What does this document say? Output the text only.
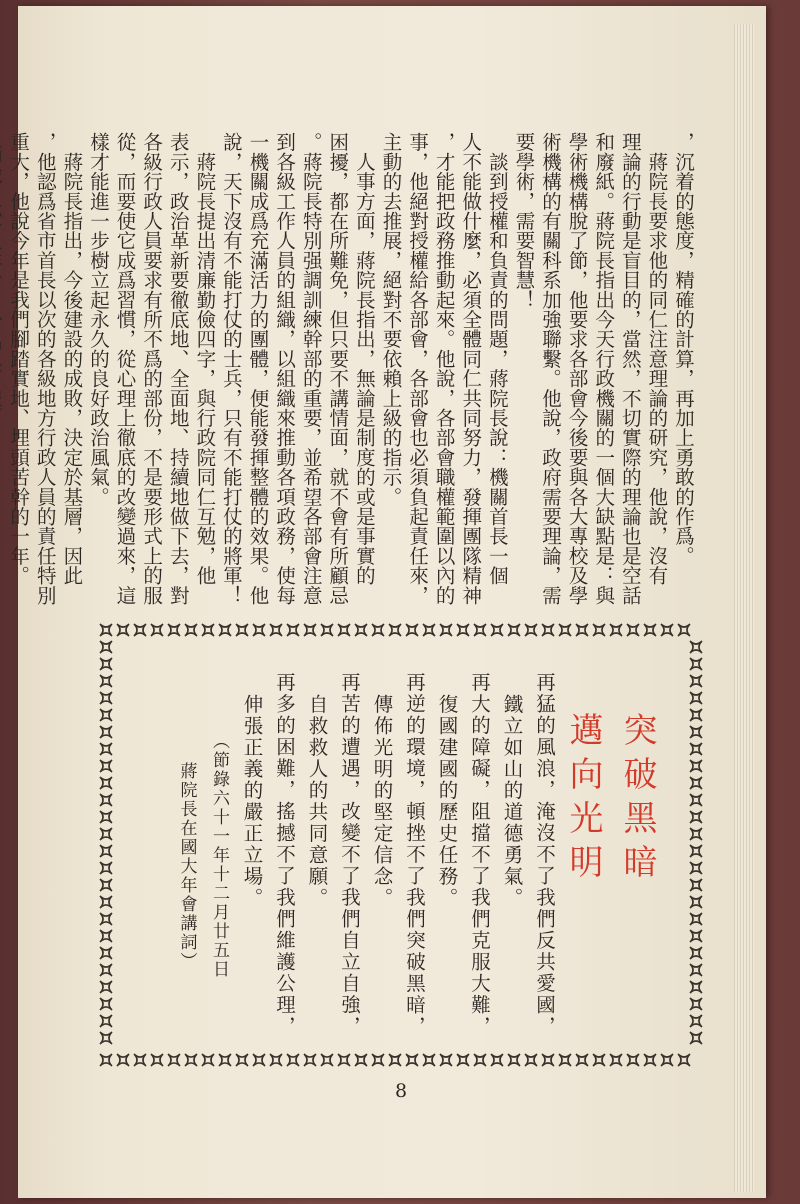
，沉着的態度，精確的計算，再加上勇敢的作爲。
　蔣院長要求他的同仁注意理論的研究，他說，沒有
理論的行動是盲目的，當然，不切實際的理論也是空話
和廢紙。蔣院長指出今天行政機關的一個大缺點是：與
學術機構脫了節，他要求各部會今後要與各大專校及學
術機構的有關科系加強聯繫。他說，政府需要理論，需
要學術，需要智慧！
　談到授權和負責的問題，蔣院長說：機關首長一個
人不能做什麼，必須全體同仁共同努力，發揮團隊精神
，才能把政務推動起來。他說，各部會職權範圍以內的
事，他絕對授權給各部會，各部會也必須負起責任來，
主動的去推展，絕對不要依賴上級的指示。
　人事方面，蔣院長指出，無論是制度的或是事實的
困擾，都在所難免，但只要不講情面，就不會有所顧忌
。蔣院長特別强調訓練幹部的重要，並希望各部會注意
到各級工作人員的組織，以組織來推動各項政務，使每
一機關成爲充滿活力的團體，便能發揮整體的效果。他
說，天下沒有不能打仗的士兵，只有不能打仗的將軍！
　蔣院長提出清廉勤儉四字，與行政院同仁互勉，他
表示，政治革新要徹底地、全面地、持續地做下去，對
各級行政人員要求有所不爲的部份，不是要形式上的服
從，而要使它成爲習慣，從心理上徹底的改變過來，這
樣才能進一步樹立起永久的良好政治風氣。
　蔣院長指出，今後建設的成敗，決定於基層，因此
，他認爲省市首長以次的各級地方行政人員的責任特別
重大，他說今年是我們腳踏實地、埋頭苦幹的一年。
突破黑暗
邁向光明
再猛的風浪，淹沒不了我們反共愛國，
鐵立如山的道德勇氣。
再大的障礙，阻擋不了我們克服大難，
復國建國的歷史任務。
再逆的環境，頓挫不了我們突破黑暗，
傳佈光明的堅定信念。
再苦的遭遇，改變不了我們自立自強，
自救救人的共同意願。
再多的困難，搖撼不了我們維護公理，
伸張正義的嚴正立場。
（節錄六十一年十二月廿五日
蔣院長在國大年會講詞）
8
